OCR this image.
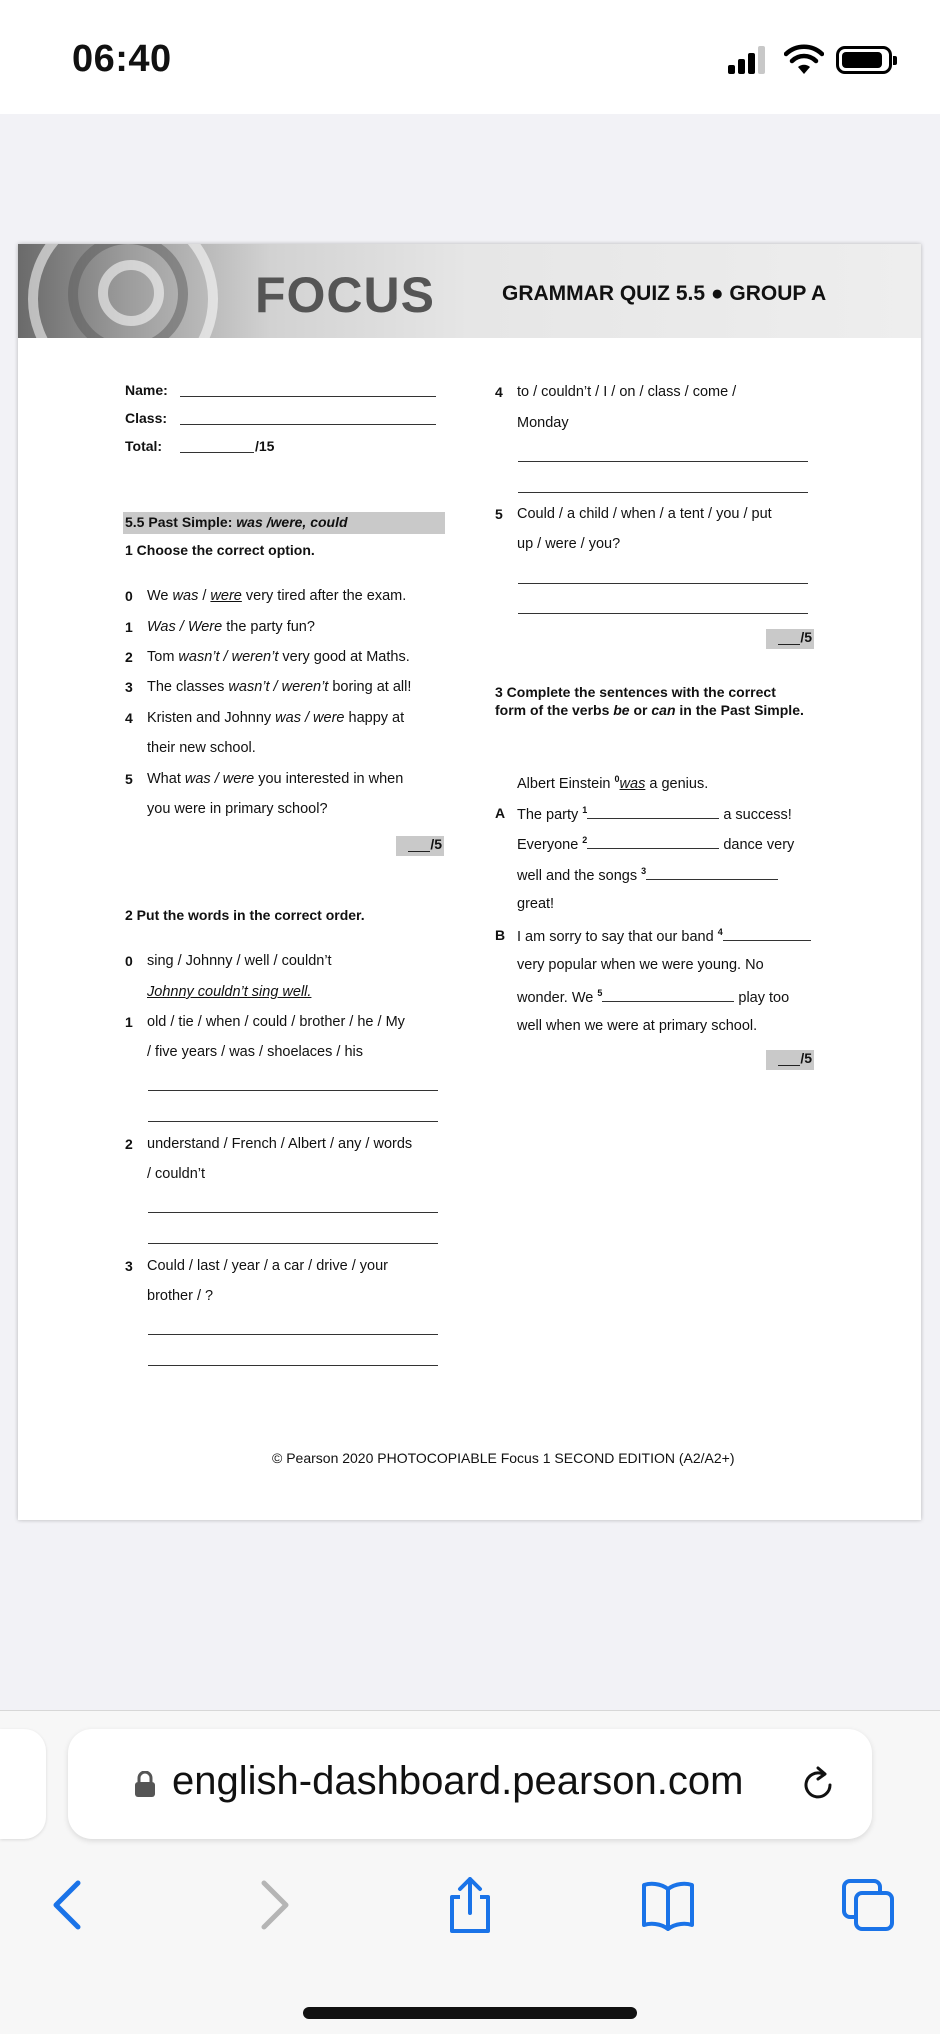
06:40
FOCUS	GRAMMAR QUIZ 5.5 ● GROUP A
Name:
Class:
Total:	/15
5.5 Past Simple: was /were, could
1 Choose the correct option.
0 We was / were very tired after the exam.
1 Was / Were the party fun?
2 Tom wasn’t / weren’t very good at Maths.
3 The classes wasn’t / weren’t boring at all!
4 Kristen and Johnny was / were happy at
their new school.
5 What was / were you interested in when
you were in primary school?
/5
2 Put the words in the correct order.
0 sing / Johnny / well / couldn’t
Johnny couldn’t sing well.
1 old / tie / when / could / brother / he / My
/ five years / was / shoelaces / his
2 understand / French / Albert / any / words
/ couldn’t
3 Could / last / year / a car / drive / your
brother / ?
4 to / couldn’t / I / on / class / come /
Monday
5 Could / a child / when / a tent / you / put
up / were / you?
/5
3 Complete the sentences with the correct form of the verbs be or can in the Past Simple.
Albert Einstein $^0$was a genius.
A The party $^1$	a success!
Everyone $^2$	dance very
well and the songs $^3$
great!
B I am sorry to say that our band $^4$
very popular when we were young. No
wonder. We $^5$	play too
well when we were at primary school.
/5
© Pearson 2020 PHOTOCOPIABLE Focus 1 SECOND EDITION (A2/A2+)
english-dashboard.pearson.com
